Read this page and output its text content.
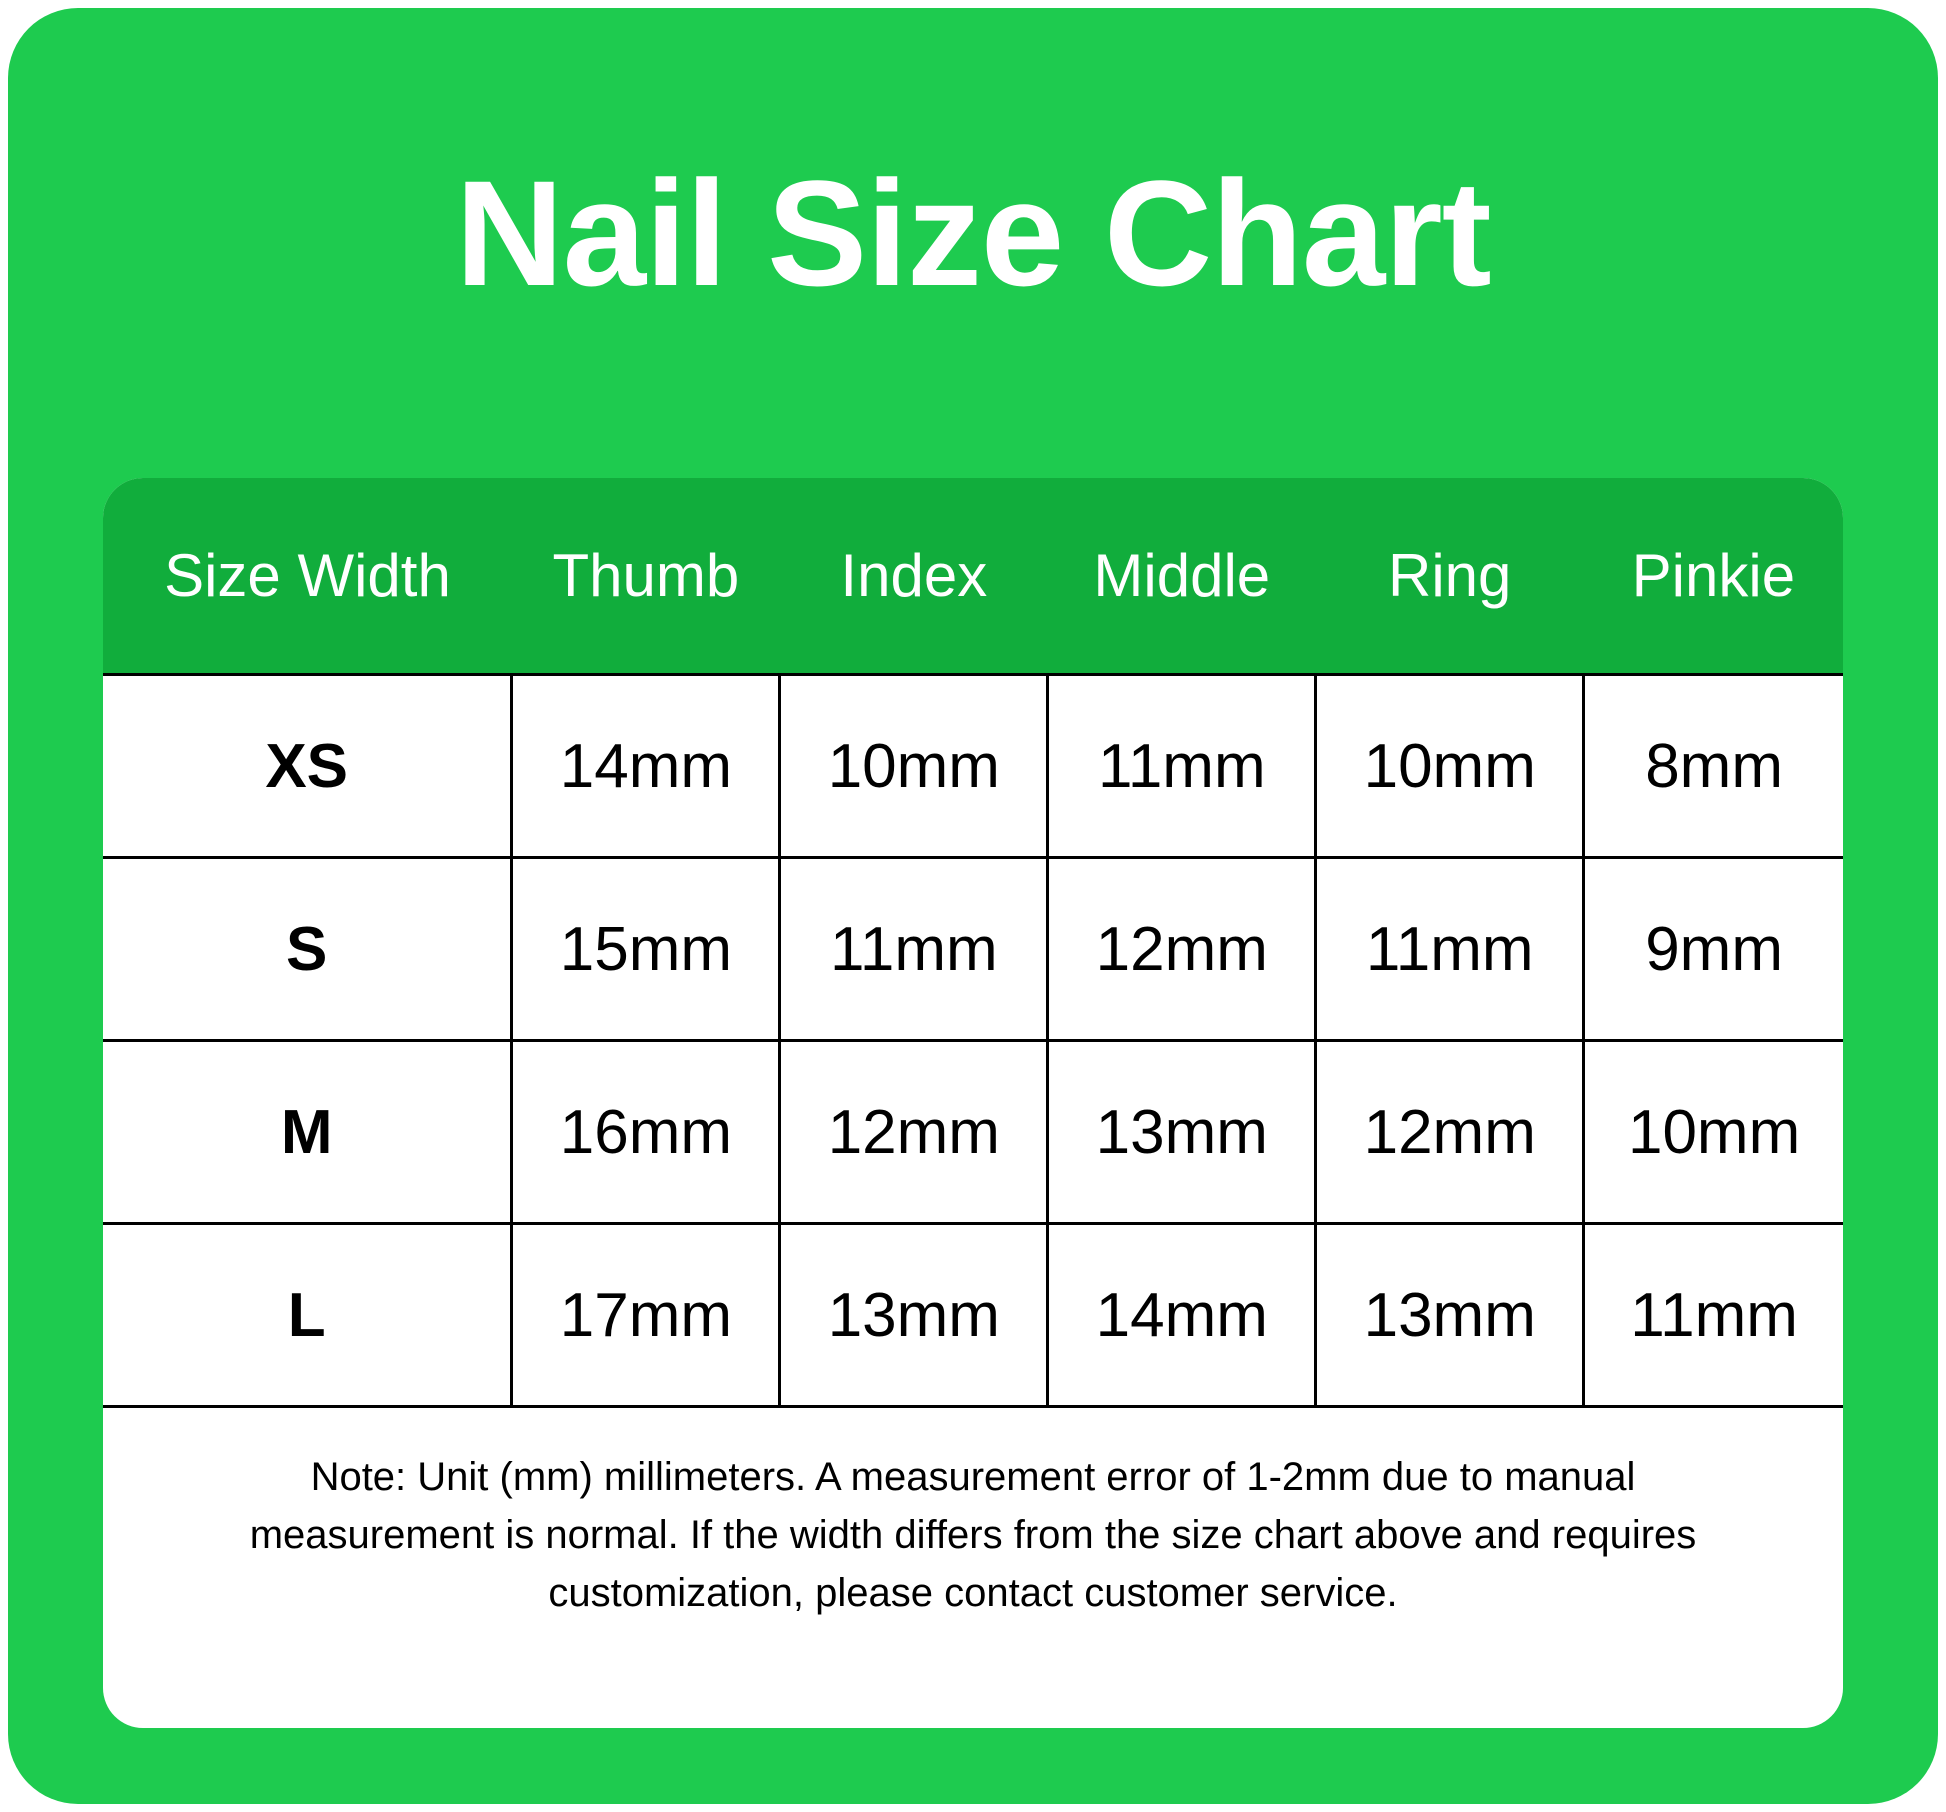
Nail Size Chart
Size Width	Thumb	Index	Middle	Ring	Pinkie
XS	14mm	10mm	11mm	10mm	8mm
S	15mm	11mm	12mm	11mm	9mm
M	16mm	12mm	13mm	12mm	10mm
L	17mm	13mm	14mm	13mm	11mm

Note: Unit (mm) millimeters. A measurement error of 1-2mm due to manual measurement is normal. If the width differs from the size chart above and requires customization, please contact customer service.					
